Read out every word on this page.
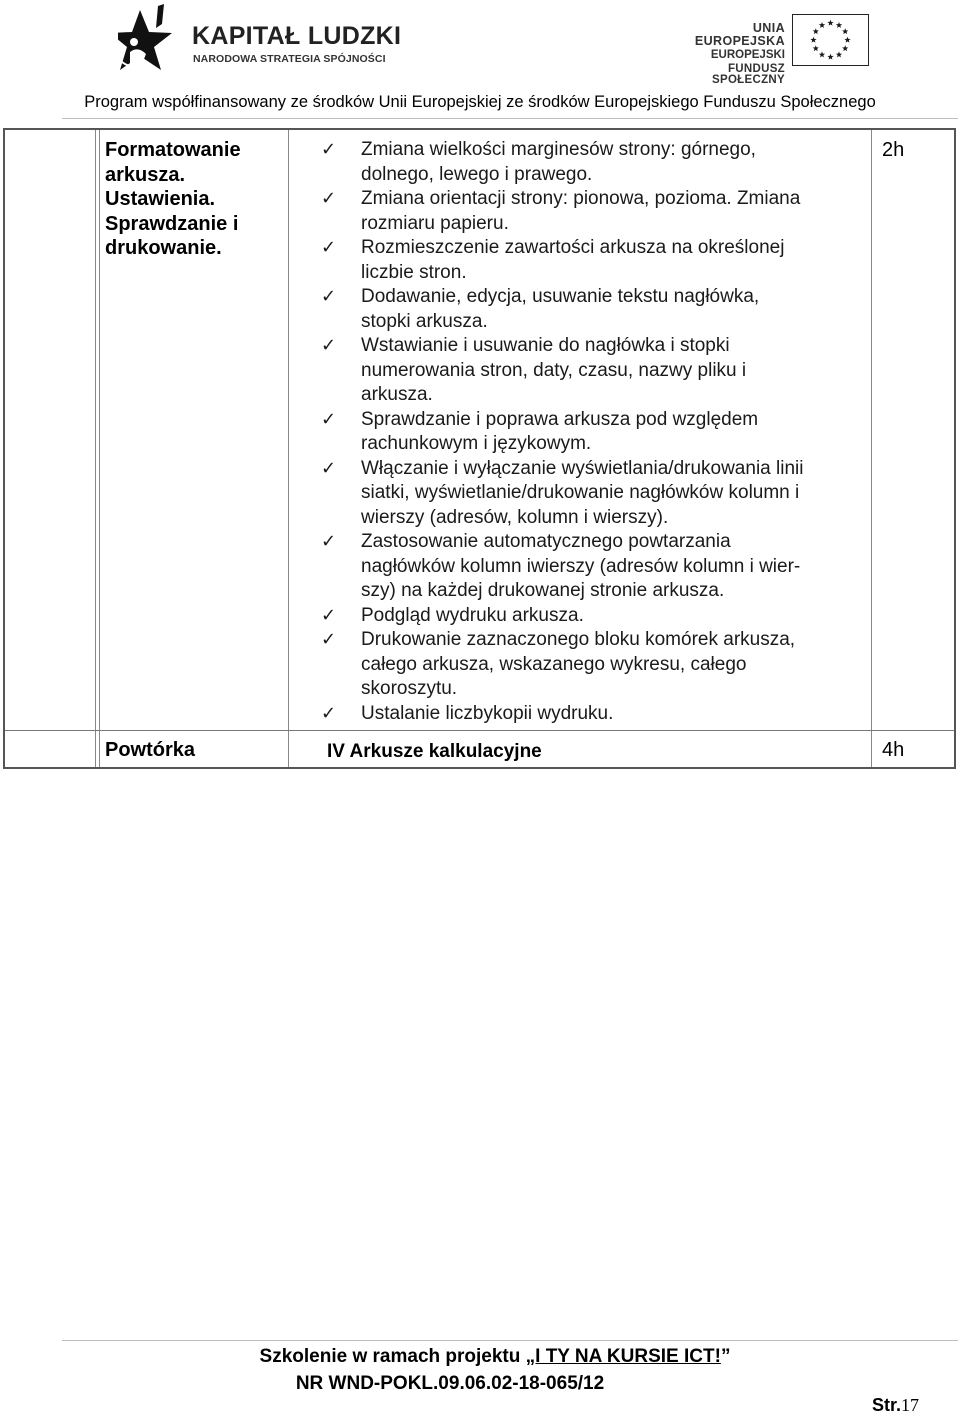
KAPITAŁ LUDZKI
NARODOWA STRATEGIA SPÓJNOŚCI
UNIA EUROPEJSKA
EUROPEJSKI
FUNDUSZ SPOŁECZNY
Program współfinansowany ze środków Unii Europejskiej ze środków Europejskiego Funduszu Społecznego
Formatowanie
arkusza.
Ustawienia.
Sprawdzanie i
drukowanie.
✓ Zmiana wielkości marginesów strony: górnego,
dolnego, lewego i prawego.
✓ Zmiana orientacji strony: pionowa, pozioma. Zmiana
rozmiaru papieru.
✓ Rozmieszczenie zawartości arkusza na określonej
liczbie stron.
✓ Dodawanie, edycja, usuwanie tekstu nagłówka,
stopki arkusza.
✓ Wstawianie i usuwanie do nagłówka i stopki
numerowania stron, daty, czasu, nazwy pliku i
arkusza.
✓ Sprawdzanie i poprawa arkusza pod względem
rachunkowym i językowym.
✓ Włączanie i wyłączanie wyświetlania/drukowania linii
siatki, wyświetlanie/drukowanie nagłówków kolumn i
wierszy (adresów, kolumn i wierszy).
✓ Zastosowanie automatycznego powtarzania
nagłówków kolumn iwierszy (adresów kolumn i wier-
szy) na każdej drukowanej stronie arkusza.
✓ Podgląd wydruku arkusza.
✓ Drukowanie zaznaczonego bloku komórek arkusza,
całego arkusza, wskazanego wykresu, całego
skoroszytu.
✓ Ustalanie liczbykopii wydruku.
2h
Powtórka	IV Arkusze kalkulacyjne	4h
Szkolenie w ramach projektu „I TY NA KURSIE ICT!”
NR WND-POKL.09.06.02-18-065/12
Str.17
